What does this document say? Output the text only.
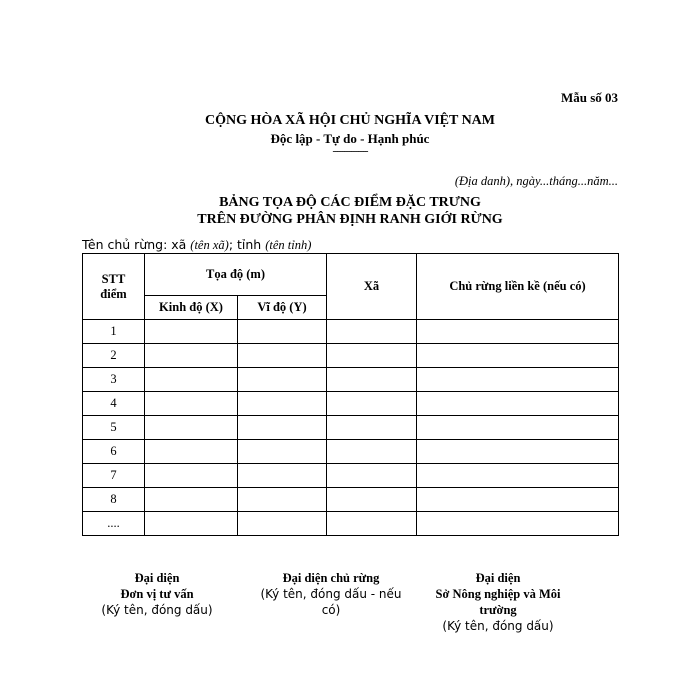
Mẫu số 03
CỘNG HÒA XÃ HỘI CHỦ NGHĨA VIỆT NAM
Độc lập - Tự do - Hạnh phúc
---------------
(Địa danh), ngày...tháng...năm...
BẢNG TỌA ĐỘ CÁC ĐIỂM ĐẶC TRƯNG
TRÊN ĐƯỜNG PHÂN ĐỊNH RANH GIỚI RỪNG
Tên chủ rừng: xã (tên xã); tỉnh (tên tỉnh)
STT điểm	Tọa độ (m)		Xã	Chủ rừng liền kề (nếu có)
	Kinh độ (X)	Vĩ độ (Y)		
1				
2				
3				
4				
5				
6				
7				
8				
....				
Đại diện
Đơn vị tư vấn
(Ký tên, đóng dấu)
Đại diện chủ rừng
(Ký tên, đóng dấu - nếu có)
Đại diện
Sở Nông nghiệp và Môi trường
(Ký tên, đóng dấu)
